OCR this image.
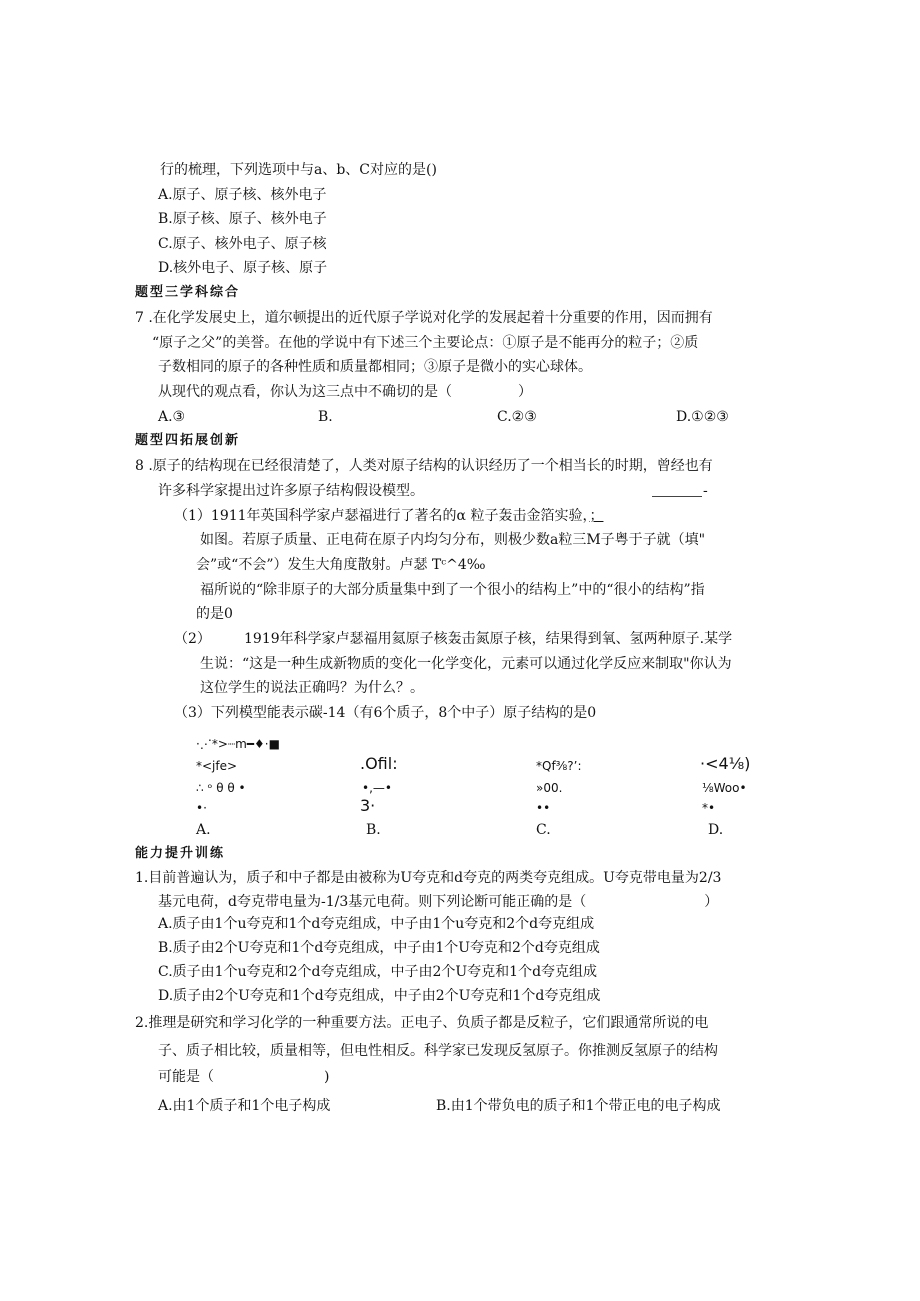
行的梳理，下列选项中与a、b、C对应的是()
A.原子、原子核、核外电子
B.原子核、原子、核外电子
C.原子、核外电子、原子核
D.核外电子、原子核、原子
题型三学科综合
7 .在化学发展史上，道尔顿提出的近代原子学说对化学的发展起着十分重要的作用，因而拥有
“原子之父”的美誉。在他的学说中有下述三个主要论点：①原子是不能再分的粒子；②质
子数相同的原子的各种性质和质量都相同；③原子是微小的实心球体。
从现代的观点看，你认为这三点中不确切的是（	）
A.③	B.	C.②③	D.①②③
题型四拓展创新
8 .原子的结构现在已经很清楚了，人类对原子结构的认识经历了一个相当长的时期，曾经也有
许多科学家提出过许多原子结构假设模型。	-
（1）1911年英国科学家卢瑟福进行了著名的α 粒子轰击金箔实验，；
如图。若原子质量、正电荷在原子内均匀分布，则极少数a粒三M子粤于子就（填"
会”或“不会”）发生大角度散射。卢瑟 Tᶜ^4‰
福所说的“除非原子的大部分质量集中到了一个很小的结构上”中的“很小的结构”指
的是0
（2） 1919年科学家卢瑟福用氦原子核轰击氮原子核，结果得到氧、氢两种原子.某学
生说：“这是一种生成新物质的变化一化学变化，元素可以通过化学反应来制取"你认为
这位学生的说法正确吗？为什么？。
（3）下列模型能表示碳-14（有6个质子，8个中子）原子结构的是0
·⋰*>┈m━♦·■
*<jfe>
∴ ᵒ θ θ •
•·
A.
.Ofil:
•,—•
3·
B.
*Qf⅜?’:
»00.
••
C.
·<4⅛)
⅛Woo•
*•
D.
能力提升训练
1.目前普遍认为，质子和中子都是由被称为U夸克和d夸克的两类夸克组成。U夸克带电量为2/3
基元电荷，d夸克带电量为-1/3基元电荷。则下列论断可能正确的是（	）
A.质子由1个u夸克和1个d夸克组成，中子由1个u夸克和2个d夸克组成
B.质子由2个U夸克和1个d夸克组成，中子由1个U夸克和2个d夸克组成
C.质子由1个u夸克和2个d夸克组成，中子由2个U夸克和1个d夸克组成
D.质子由2个U夸克和1个d夸克组成，中子由2个U夸克和1个d夸克组成
2.推理是研究和学习化学的一种重要方法。正电子、负质子都是反粒子，它们跟通常所说的电
子、质子相比较，质量相等，但电性相反。科学家已发现反氢原子。你推测反氢原子的结构
可能是（	)
A.由1个质子和1个电子构成	B.由1个带负电的质子和1个带正电的电子构成
